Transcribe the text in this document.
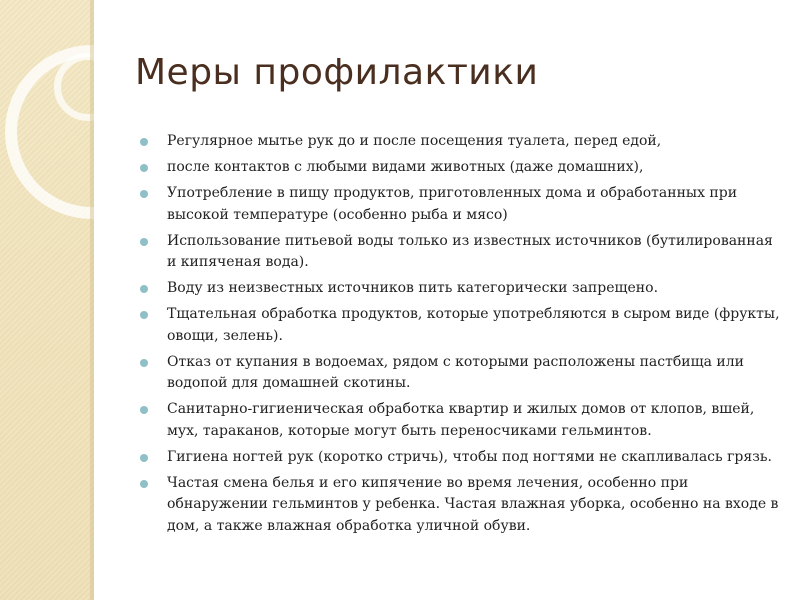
Меры профилактики
Регулярное мытье рук до и после посещения туалета, перед едой,
после контактов с любыми видами животных (даже домашних),
Употребление в пищу продуктов, приготовленных дома и обработанных при высокой температуре (особенно рыба и мясо)
Использование питьевой воды только из известных источников (бутилированная и кипяченая вода).
Воду из неизвестных источников пить категорически запрещено.
Тщательная обработка продуктов, которые употребляются в сыром виде (фрукты, овощи, зелень).
Отказ от купания в водоемах, рядом с которыми расположены пастбища или водопой для домашней скотины.
Санитарно-гигиеническая обработка квартир и жилых домов от клопов, вшей, мух, тараканов, которые могут быть переносчиками гельминтов.
Гигиена ногтей рук (коротко стричь), чтобы под ногтями не скапливалась грязь.
Частая смена белья и его кипячение во время лечения, особенно при обнаружении гельминтов у ребенка. Частая влажная уборка, особенно на входе в дом, а также влажная обработка уличной обуви.
